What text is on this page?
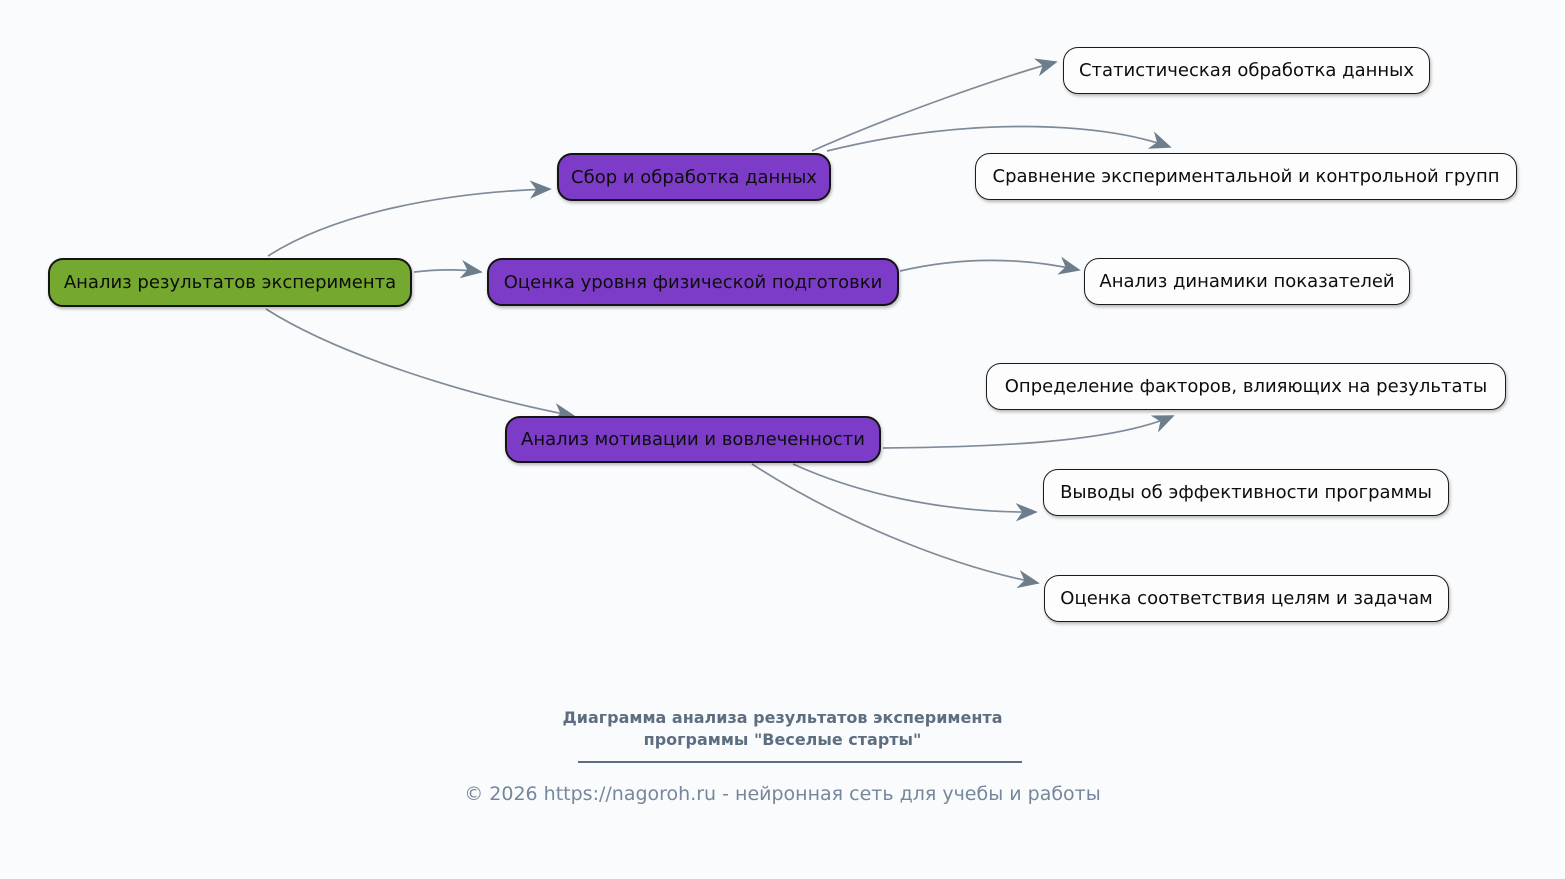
Анализ результатов эксперимента
Сбор и обработка данных
Оценка уровня физической подготовки
Анализ мотивации и вовлеченности
Статистическая обработка данных
Сравнение экспериментальной и контрольной групп
Анализ динамики показателей
Определение факторов, влияющих на результаты
Выводы об эффективности программы
Оценка соответствия целям и задачам
Диаграмма анализа результатов эксперимента
программы "Веселые старты"
© 2026 https://nagoroh.ru - нейронная сеть для учебы и работы
